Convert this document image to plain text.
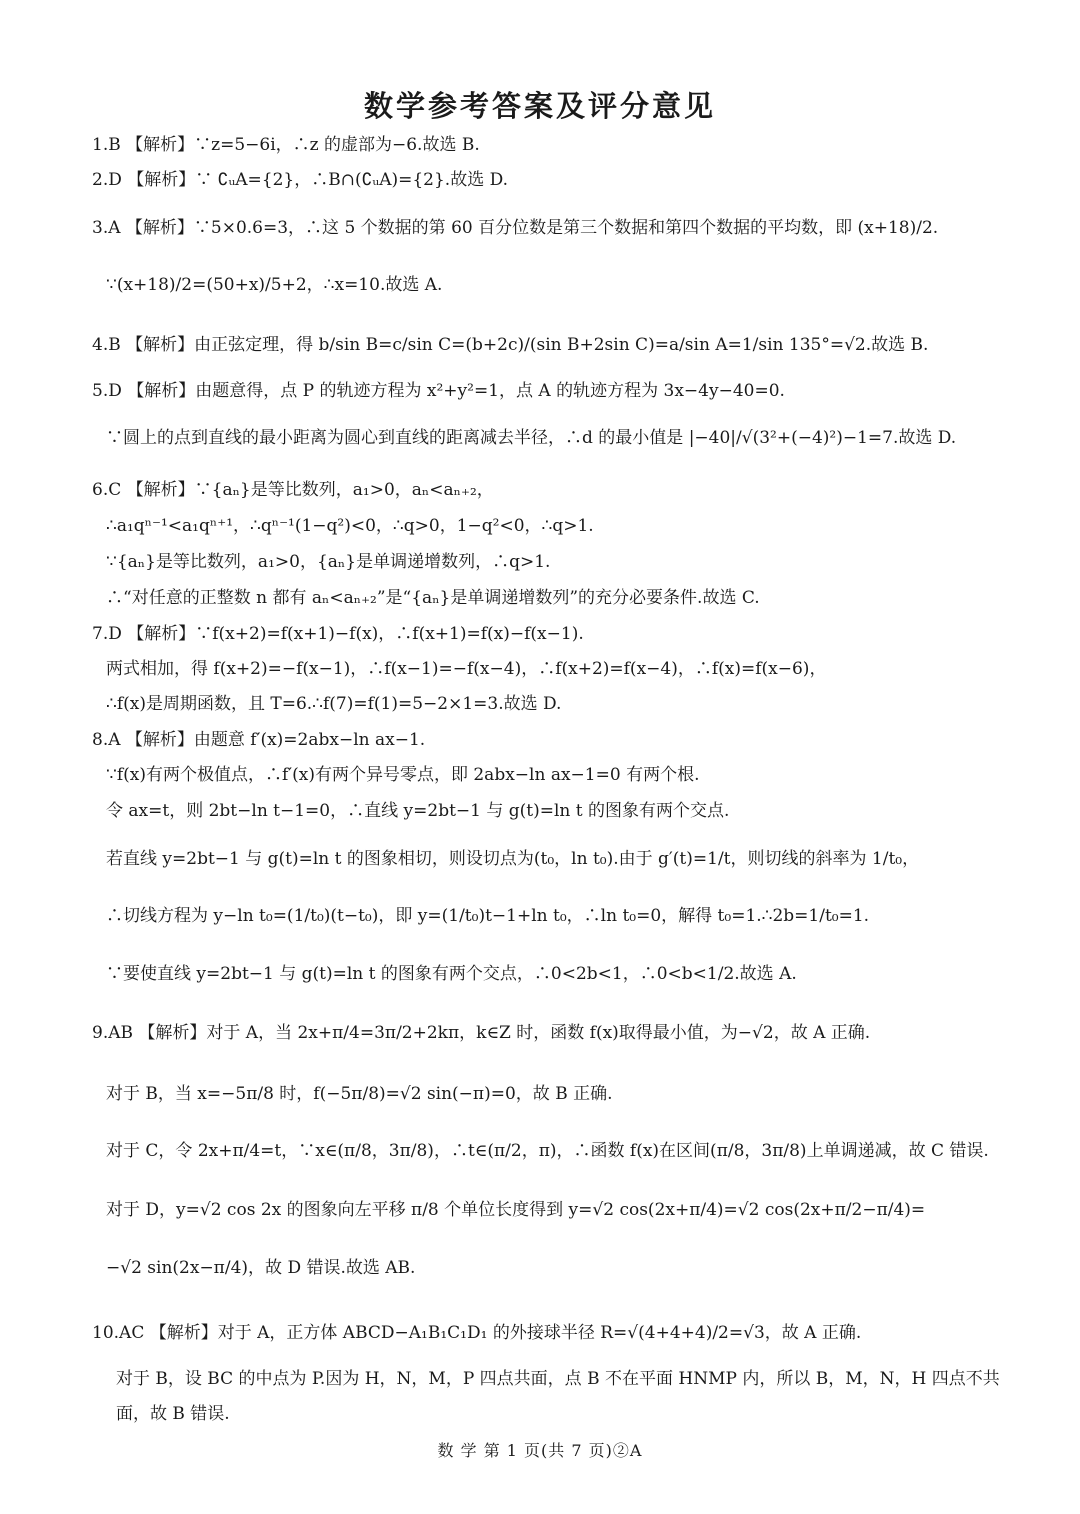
数学参考答案及评分意见
1.B 【解析】∵z=5−6i，∴z 的虚部为−6.故选 B.
2.D 【解析】∵ ∁ᵤA={2}，∴B∩(∁ᵤA)={2}.故选 D.
3.A 【解析】∵5×0.6=3，∴这 5 个数据的第 60 百分位数是第三个数据和第四个数据的平均数，即 (x+18)/2.
∵(x+18)/2=(50+x)/5+2，∴x=10.故选 A.
4.B 【解析】由正弦定理，得 b/sin B=c/sin C=(b+2c)/(sin B+2sin C)=a/sin A=1/sin 135°=√2.故选 B.
5.D 【解析】由题意得，点 P 的轨迹方程为 x²+y²=1，点 A 的轨迹方程为 3x−4y−40=0.
∵圆上的点到直线的最小距离为圆心到直线的距离减去半径，∴d 的最小值是 |−40|/√(3²+(−4)²)−1=7.故选 D.
6.C 【解析】∵{aₙ}是等比数列，a₁>0，aₙ<aₙ₊₂，
∴a₁qⁿ⁻¹<a₁qⁿ⁺¹，∴qⁿ⁻¹(1−q²)<0，∴q>0，1−q²<0，∴q>1.
∵{aₙ}是等比数列，a₁>0，{aₙ}是单调递增数列，∴q>1.
∴“对任意的正整数 n 都有 aₙ<aₙ₊₂”是“{aₙ}是单调递增数列”的充分必要条件.故选 C.
7.D 【解析】∵f(x+2)=f(x+1)−f(x)，∴f(x+1)=f(x)−f(x−1).
两式相加，得 f(x+2)=−f(x−1)，∴f(x−1)=−f(x−4)，∴f(x+2)=f(x−4)，∴f(x)=f(x−6)，
∴f(x)是周期函数，且 T=6.∴f(7)=f(1)=5−2×1=3.故选 D.
8.A 【解析】由题意 f′(x)=2abx−ln ax−1.
∵f(x)有两个极值点，∴f′(x)有两个异号零点，即 2abx−ln ax−1=0 有两个根.
令 ax=t，则 2bt−ln t−1=0，∴直线 y=2bt−1 与 g(t)=ln t 的图象有两个交点.
若直线 y=2bt−1 与 g(t)=ln t 的图象相切，则设切点为(t₀，ln t₀).由于 g′(t)=1/t，则切线的斜率为 1/t₀，
∴切线方程为 y−ln t₀=(1/t₀)(t−t₀)，即 y=(1/t₀)t−1+ln t₀，∴ln t₀=0，解得 t₀=1.∴2b=1/t₀=1.
∵要使直线 y=2bt−1 与 g(t)=ln t 的图象有两个交点，∴0<2b<1，∴0<b<1/2.故选 A.
9.AB 【解析】对于 A，当 2x+π/4=3π/2+2kπ，k∈Z 时，函数 f(x)取得最小值，为−√2，故 A 正确.
对于 B，当 x=−5π/8 时，f(−5π/8)=√2 sin(−π)=0，故 B 正确.
对于 C，令 2x+π/4=t，∵x∈(π/8，3π/8)，∴t∈(π/2，π)，∴函数 f(x)在区间(π/8，3π/8)上单调递减，故 C 错误.
对于 D，y=√2 cos 2x 的图象向左平移 π/8 个单位长度得到 y=√2 cos(2x+π/4)=√2 cos(2x+π/2−π/4)=
−√2 sin(2x−π/4)，故 D 错误.故选 AB.
10.AC 【解析】对于 A，正方体 ABCD−A₁B₁C₁D₁ 的外接球半径 R=√(4+4+4)/2=√3，故 A 正确.
对于 B，设 BC 的中点为 P.因为 H，N，M，P 四点共面，点 B 不在平面 HNMP 内，所以 B，M，N，H 四点不共
面，故 B 错误.
数 学 第 1 页(共 7 页)②A
